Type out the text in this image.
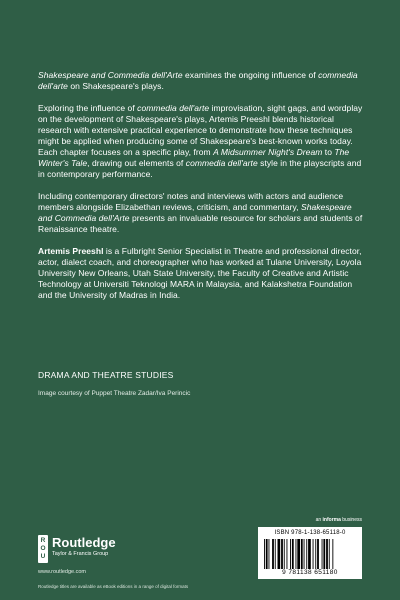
Shakespeare and Commedia dell'Arte examines the ongoing influence of commedia dell'arte on Shakespeare's plays.

Exploring the influence of commedia dell'arte improvisation, sight gags, and wordplay on the development of Shakespeare's plays, Artemis Preeshl blends historical research with extensive practical experience to demonstrate how these techniques might be applied when producing some of Shakespeare's best-known works today. Each chapter focuses on a specific play, from A Midsummer Night's Dream to The Winter's Tale, drawing out elements of commedia dell'arte style in the playscripts and in contemporary performance.

Including contemporary directors' notes and interviews with actors and audience members alongside Elizabethan reviews, criticism, and commentary, Shakespeare and Commedia dell'Arte presents an invaluable resource for scholars and students of Renaissance theatre.

Artemis Preeshl is a Fulbright Senior Specialist in Theatre and professional director, actor, dialect coach, and choreographer who has worked at Tulane University, Loyola University New Orleans, Utah State University, the Faculty of Creative and Artistic Technology at Universiti Teknologi MARA in Malaysia, and Kalakshetra Foundation and the University of Madras in India.

DRAMA AND THEATRE STUDIES
Image courtesy of Puppet Theatre Zadar/Iva Perincic
R
O
U
Routledge
Taylor & Francis Group
www.routledge.com
Routledge titles are available as eBook editions in a range of digital formats
an informa business
ISBN 978-1-138-65118-0
9 781138 651180
